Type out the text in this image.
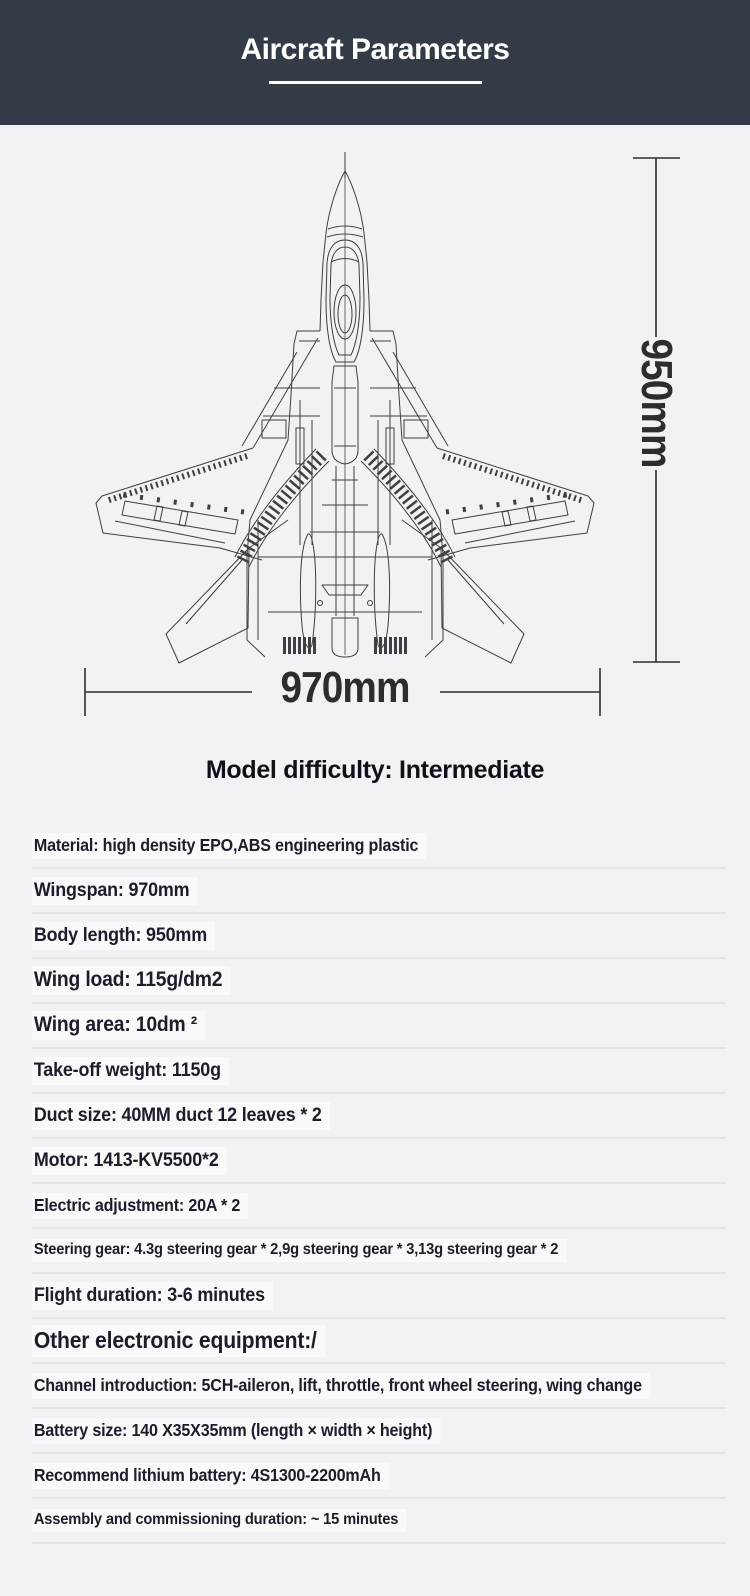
Aircraft Parameters
950mm
970mm
Model difficulty: Intermediate
Material: high density EPO,ABS engineering plastic
Wingspan: 970mm
Body length: 950mm
Wing load: 115g/dm2
Wing area: 10dm ²
Take-off weight: 1150g
Duct size: 40MM duct 12 leaves * 2
Motor: 1413-KV5500*2
Electric adjustment: 20A * 2
Steering gear: 4.3g steering gear * 2,9g steering gear * 3,13g steering gear * 2
Flight duration: 3-6 minutes
Other electronic equipment:/
Channel introduction: 5CH-aileron, lift, throttle, front wheel steering, wing change
Battery size: 140 X35X35mm (length × width × height)
Recommend lithium battery: 4S1300-2200mAh
Assembly and commissioning duration: ~ 15 minutes
